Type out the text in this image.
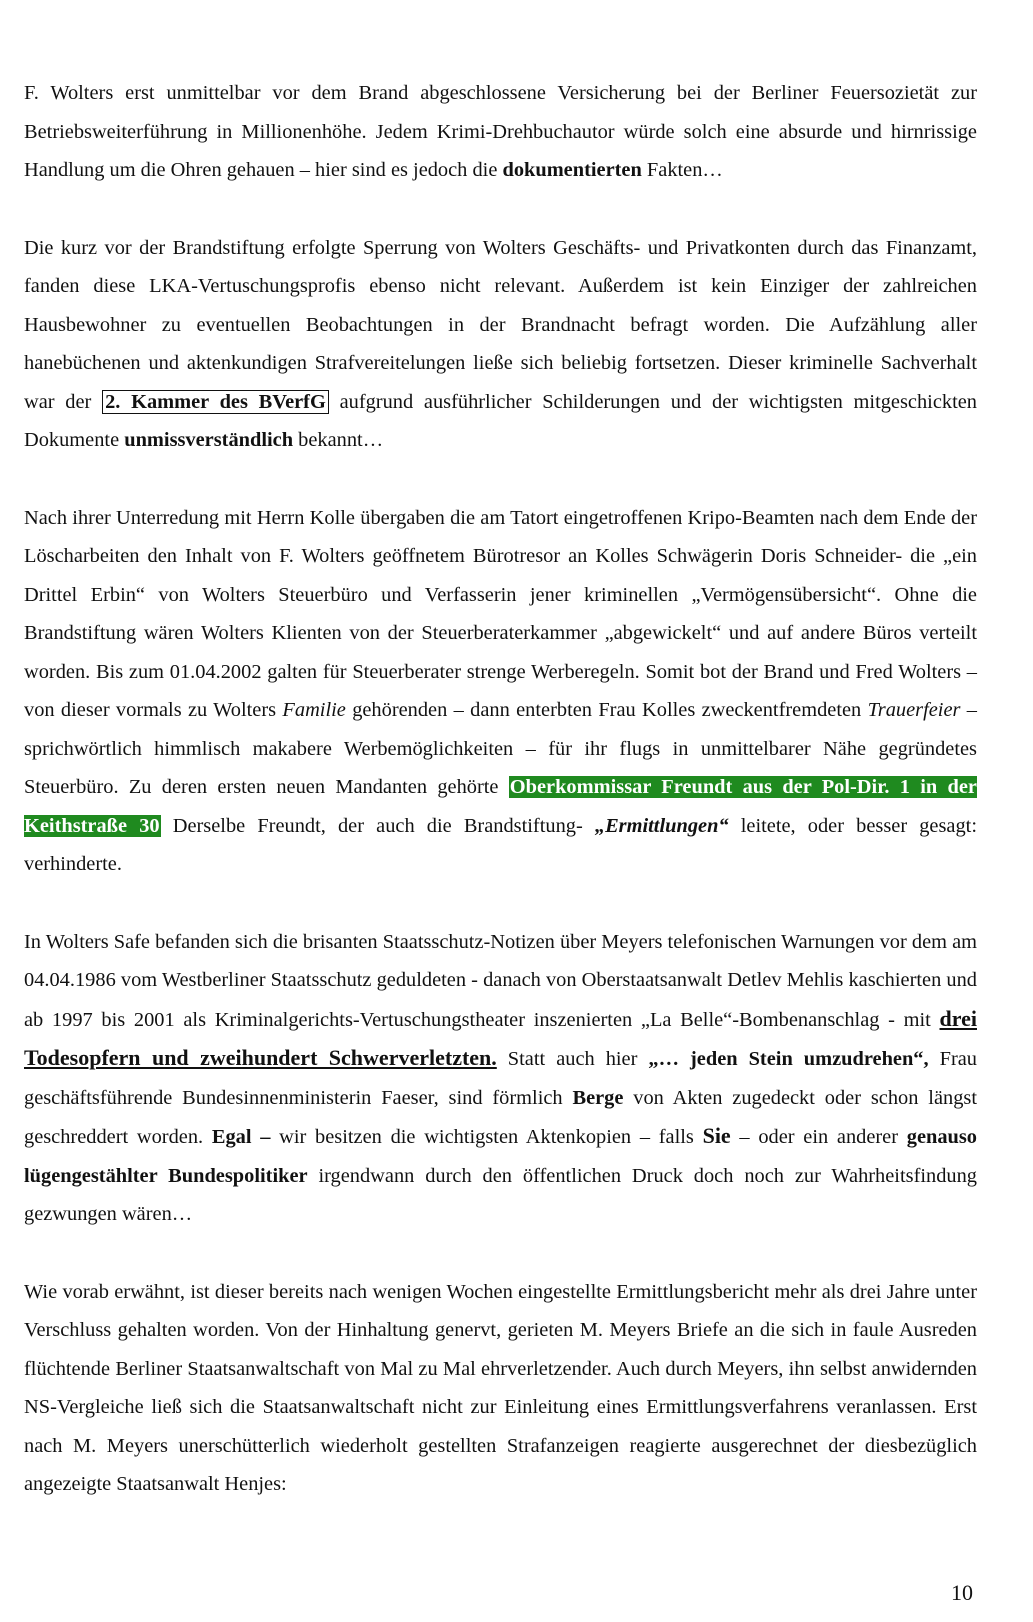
F. Wolters erst unmittelbar vor dem Brand abgeschlossene Versicherung bei der Berliner Feuersozietät zur Betriebsweiterführung in Millionenhöhe. Jedem Krimi-Drehbuchautor würde solch eine absurde und hirnrissige Handlung um die Ohren gehauen – hier sind es jedoch die dokumentierten Fakten…

Die kurz vor der Brandstiftung erfolgte Sperrung von Wolters Geschäfts- und Privatkonten durch das Finanzamt, fanden diese LKA-Vertuschungsprofis ebenso nicht relevant. Außerdem ist kein Einziger der zahlreichen Hausbewohner zu eventuellen Beobachtungen in der Brandnacht befragt worden. Die Aufzählung aller hanebüchenen und aktenkundigen Strafvereitelungen ließe sich beliebig fortsetzen. Dieser kriminelle Sachverhalt war der 2. Kammer des BVerfG aufgrund ausführlicher Schilderungen und der wichtigsten mitgeschickten Dokumente unmissverständlich bekannt…

Nach ihrer Unterredung mit Herrn Kolle übergaben die am Tatort eingetroffenen Kripo-Beamten nach dem Ende der Löscharbeiten den Inhalt von F. Wolters geöffnetem Bürotresor an Kolles Schwägerin Doris Schneider- die „ein Drittel Erbin“ von Wolters Steuerbüro und Verfasserin jener kriminellen „Vermögensübersicht“. Ohne die Brandstiftung wären Wolters Klienten von der Steuerberaterkammer „abgewickelt“ und auf andere Büros verteilt worden. Bis zum 01.04.2002 galten für Steuerberater strenge Werberegeln. Somit bot der Brand und Fred Wolters – von dieser vormals zu Wolters Familie gehörenden – dann enterbten Frau Kolles zweckentfremdeten Trauerfeier – sprichwörtlich himmlisch makabere Werbemöglichkeiten – für ihr flugs in unmittelbarer Nähe gegründetes Steuerbüro. Zu deren ersten neuen Mandanten gehörte Oberkommissar Freundt aus der Pol-Dir. 1 in der Keithstraße 30 Derselbe Freundt, der auch die Brandstiftung- „Ermittlungen“ leitete, oder besser gesagt: verhinderte.

In Wolters Safe befanden sich die brisanten Staatsschutz-Notizen über Meyers telefonischen Warnungen vor dem am 04.04.1986 vom Westberliner Staatsschutz geduldeten - danach von Oberstaatsanwalt Detlev Mehlis kaschierten und ab 1997 bis 2001 als Kriminalgerichts-Vertuschungstheater inszenierten „La Belle“-Bombenanschlag - mit drei Todesopfern und zweihundert Schwerverletzten. Statt auch hier „… jeden Stein umzudrehen“, Frau geschäftsführende Bundesinnenministerin Faeser, sind förmlich Berge von Akten zugedeckt oder schon längst geschreddert worden. Egal – wir besitzen die wichtigsten Aktenkopien – falls Sie – oder ein anderer genauso lügengestählter Bundespolitiker irgendwann durch den öffentlichen Druck doch noch zur Wahrheitsfindung gezwungen wären…

Wie vorab erwähnt, ist dieser bereits nach wenigen Wochen eingestellte Ermittlungsbericht mehr als drei Jahre unter Verschluss gehalten worden. Von der Hinhaltung genervt, gerieten M. Meyers Briefe an die sich in faule Ausreden flüchtende Berliner Staatsanwaltschaft von Mal zu Mal ehrverletzender. Auch durch Meyers, ihn selbst anwidernden NS-Vergleiche ließ sich die Staatsanwaltschaft nicht zur Einleitung eines Ermittlungsverfahrens veranlassen. Erst nach M. Meyers unerschütterlich wiederholt gestellten Strafanzeigen reagierte ausgerechnet der diesbezüglich angezeigte Staatsanwalt Henjes:

10
